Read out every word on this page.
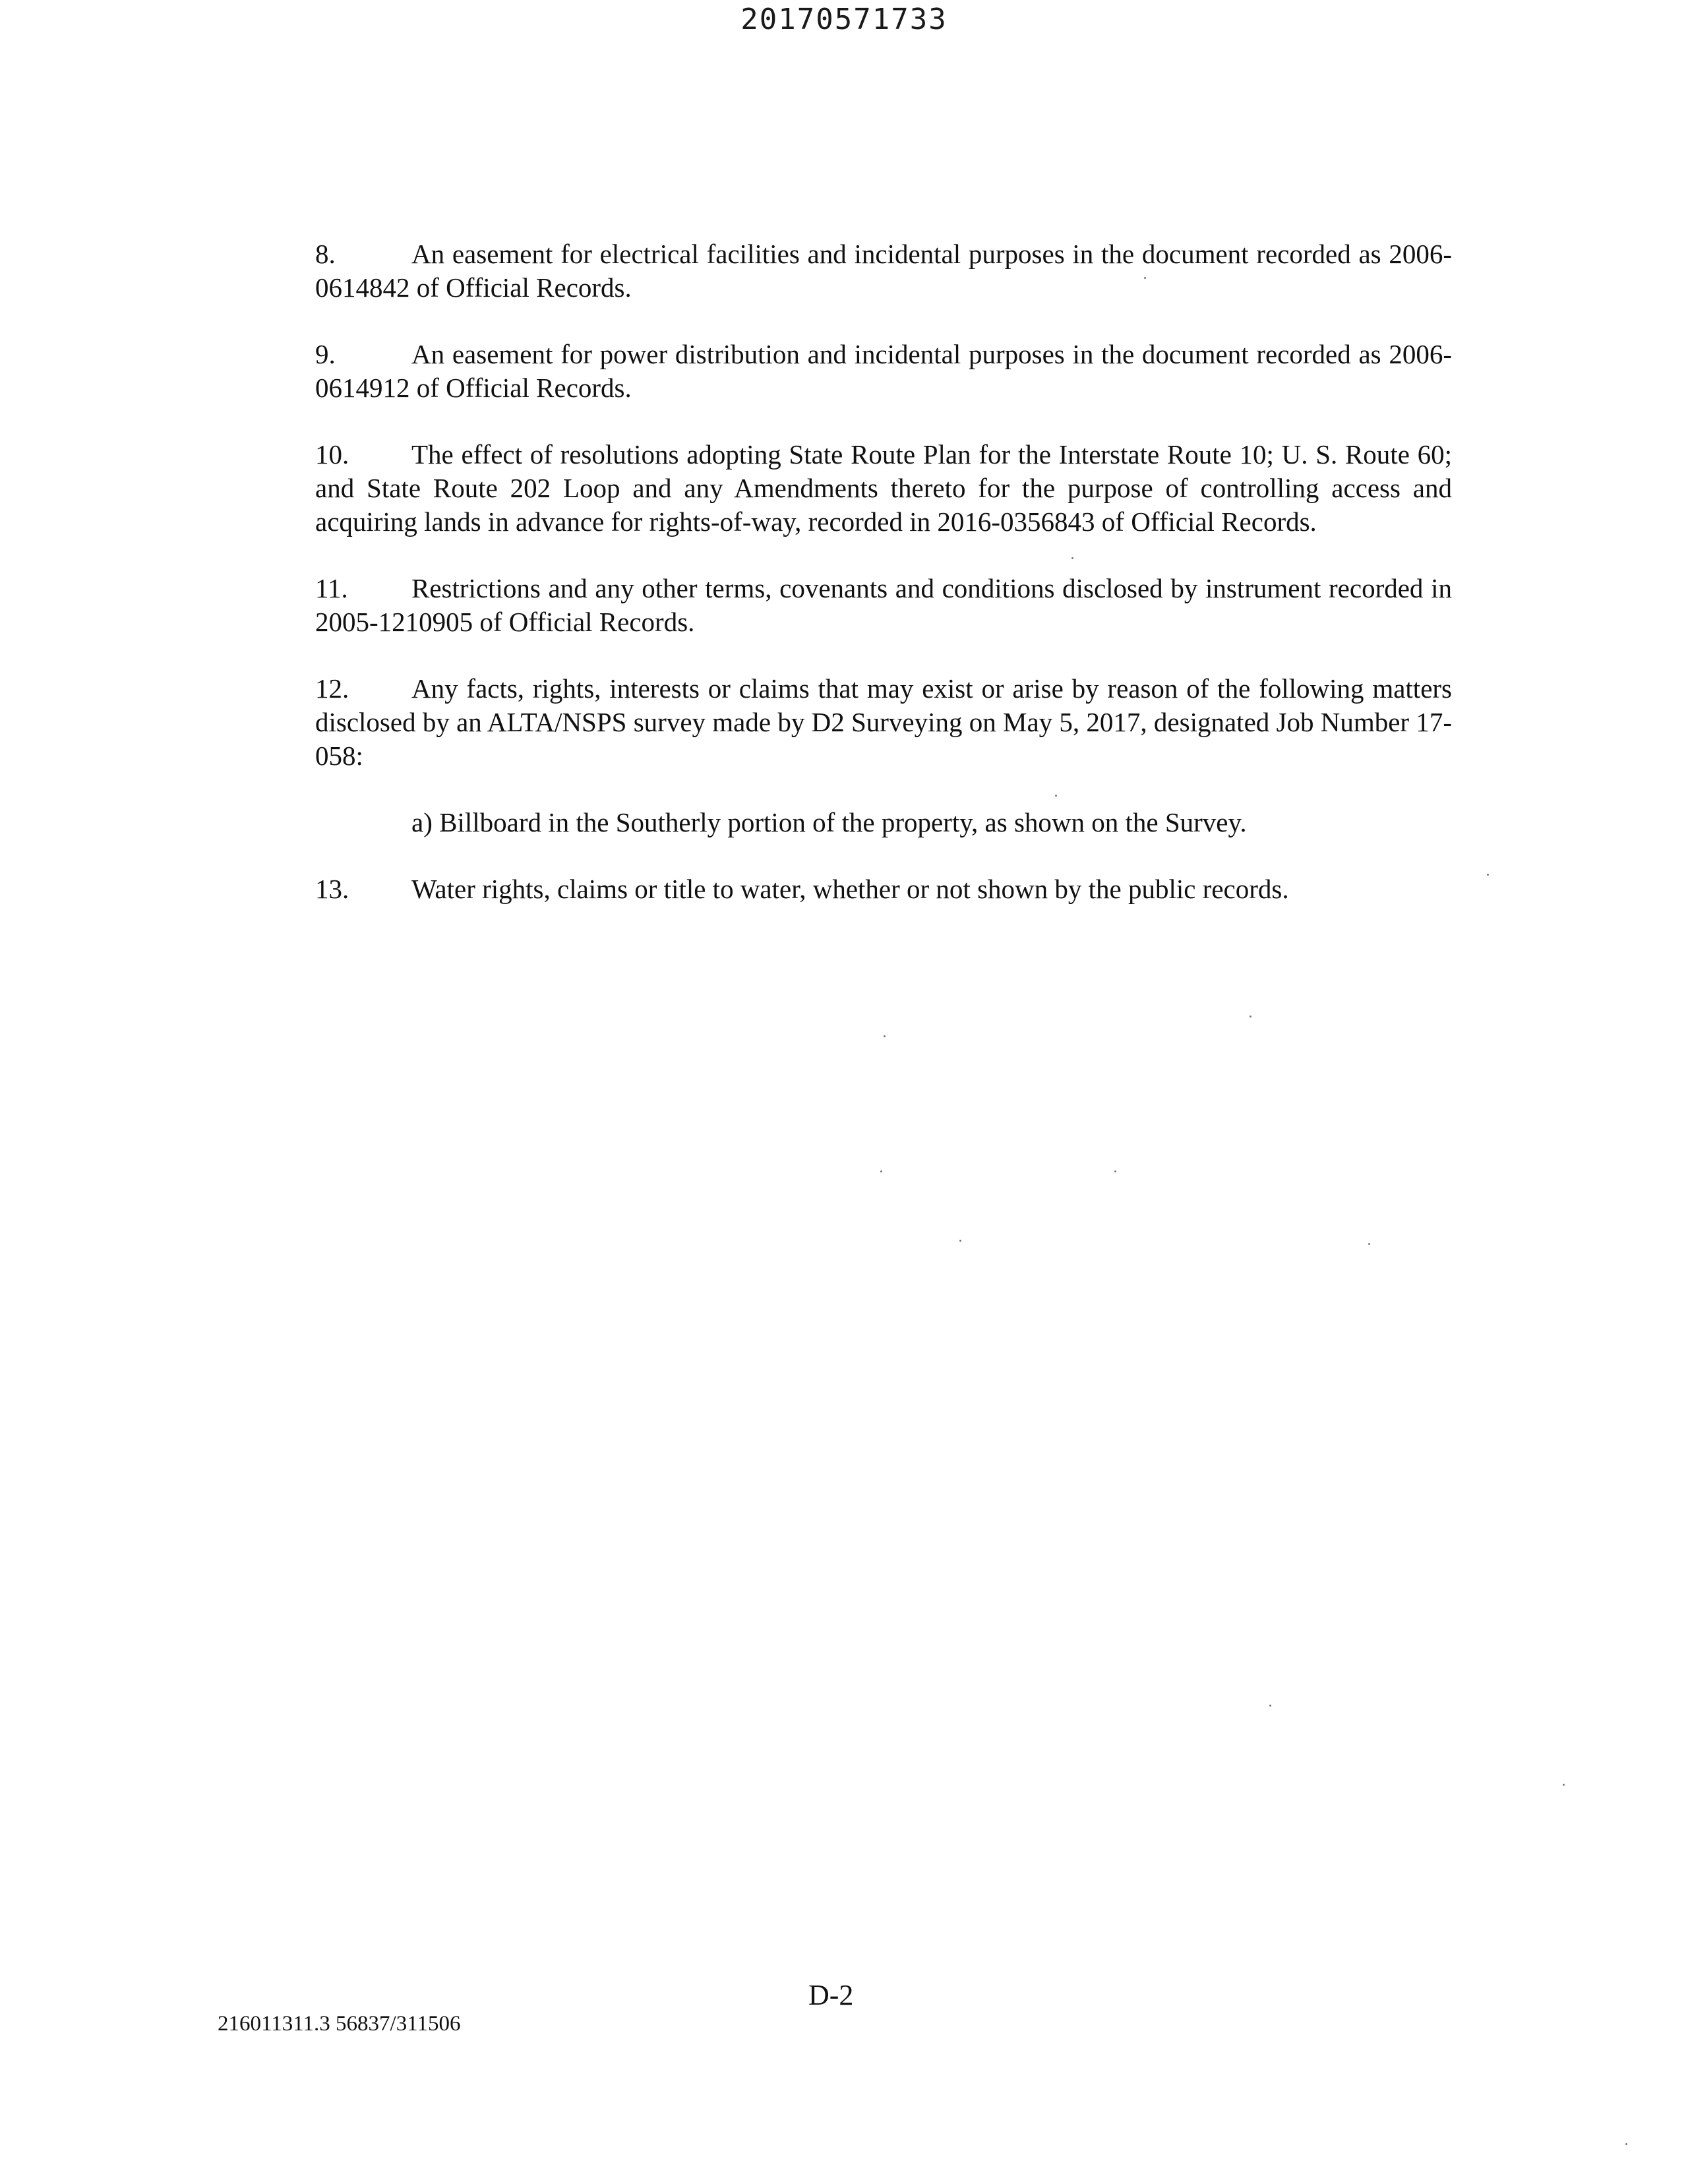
20170571733

8.	An easement for electrical facilities and incidental purposes in the document recorded as 2006-0614842 of Official Records.

9.	An easement for power distribution and incidental purposes in the document recorded as 2006-0614912 of Official Records.

10. The effect of resolutions adopting State Route Plan for the Interstate Route 10; U. S. Route 60; and State Route 202 Loop and any Amendments thereto for the purpose of controlling access and acquiring lands in advance for rights-of-way, recorded in 2016-0356843 of Official Records.

11. Restrictions and any other terms, covenants and conditions disclosed by instrument recorded in 2005-1210905 of Official Records.

12. Any facts, rights, interests or claims that may exist or arise by reason of the following matters disclosed by an ALTA/NSPS survey made by D2 Surveying on May 5, 2017, designated Job Number 17-058:

a) Billboard in the Southerly portion of the property, as shown on the Survey.

13. Water rights, claims or title to water, whether or not shown by the public records.

D-2
216011311.3 56837/311506
